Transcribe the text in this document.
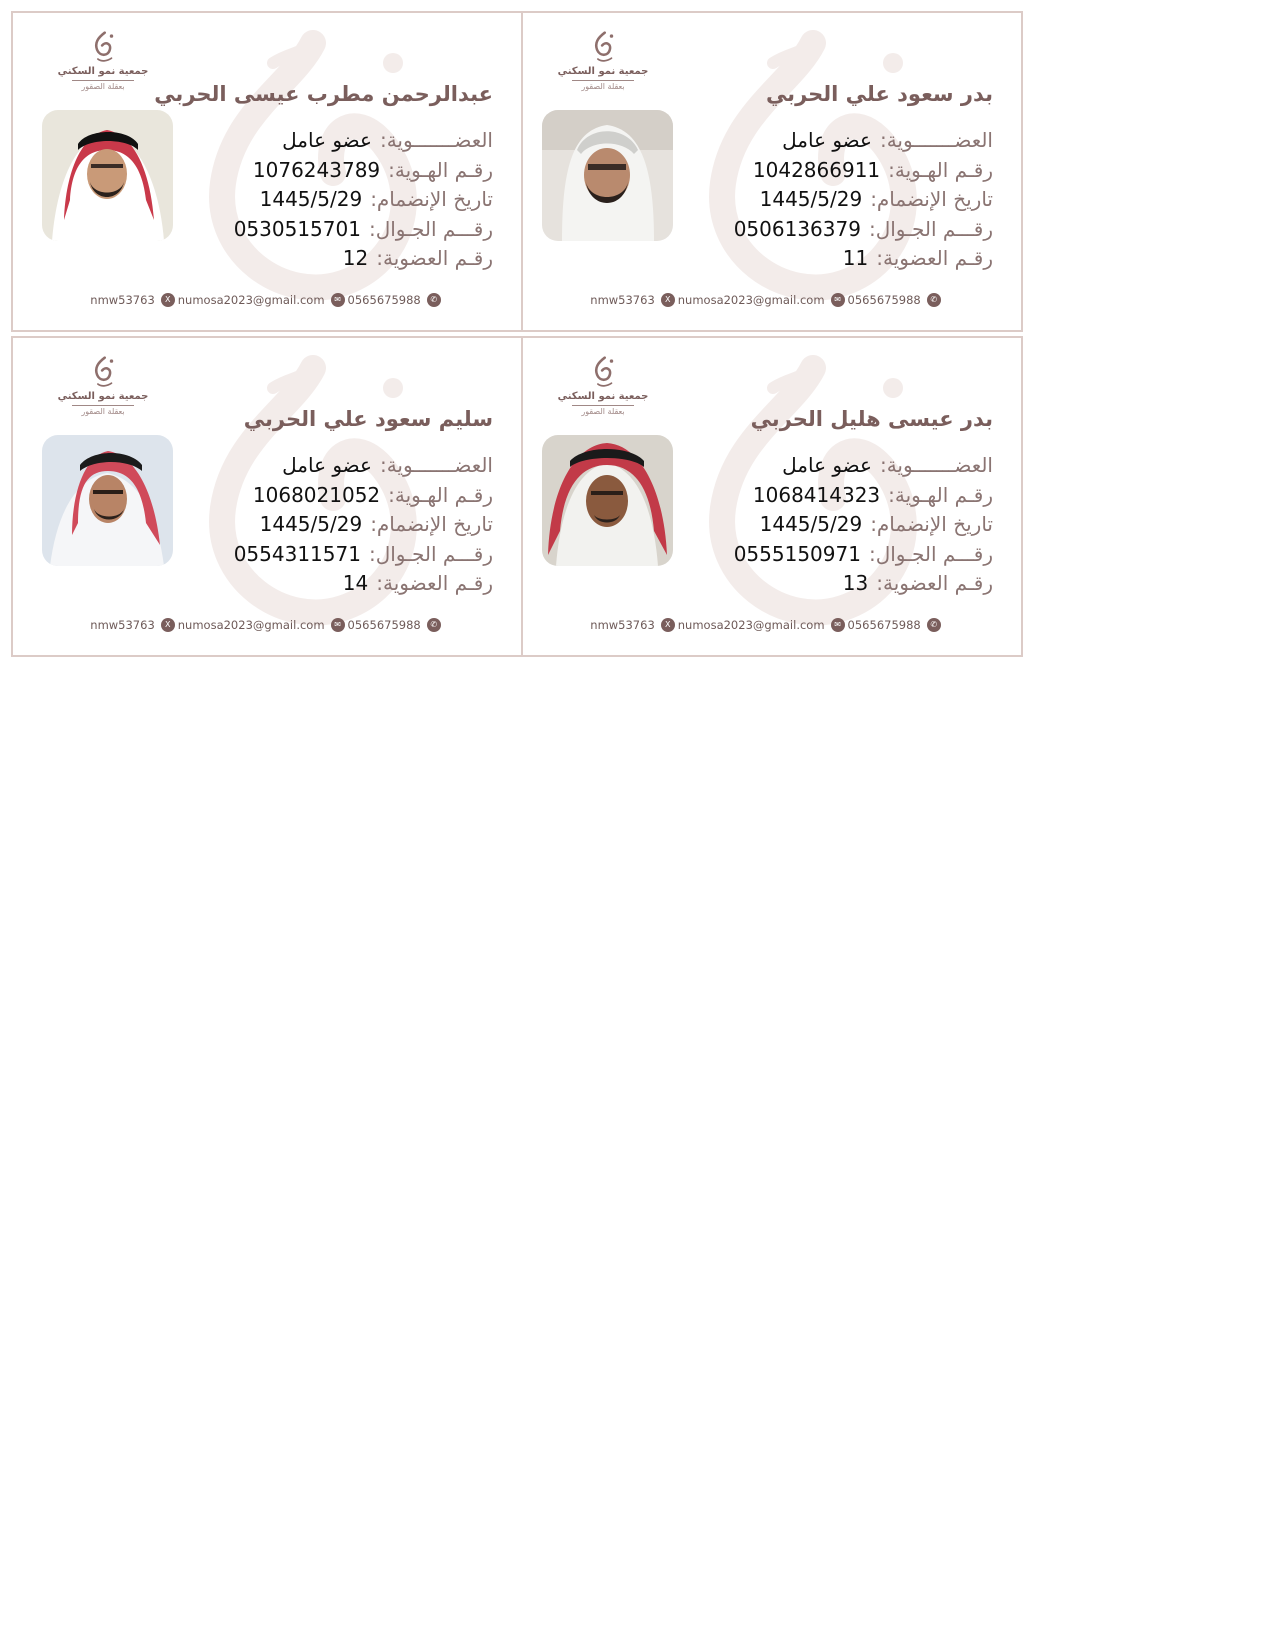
جمعية نمو السكني
بعقلة الصقور	بدر سعود علي الحربي
العضـــــــوية:عضو عامل
رقـم الهـوية:1042866911
تاريخ الإنضمام:1445/5/29
رقـــم الجـوال:0506136379
رقـم العضوية:11
nmw53763 X numosa2023@gmail.com ✉ 0565675988 ✆
جمعية نمو السكني
بعقلة الصقور	عبدالرحمن مطرب عيسى الحربي
العضـــــــوية:عضو عامل
رقـم الهـوية:1076243789
تاريخ الإنضمام:1445/5/29
رقـــم الجـوال:0530515701
رقـم العضوية:12
nmw53763 X numosa2023@gmail.com ✉ 0565675988 ✆
جمعية نمو السكني
بعقلة الصقور	بدر عيسى هليل الحربي
العضـــــــوية:عضو عامل
رقـم الهـوية:1068414323
تاريخ الإنضمام:1445/5/29
رقـــم الجـوال:0555150971
رقـم العضوية:13
nmw53763 X numosa2023@gmail.com ✉ 0565675988 ✆
جمعية نمو السكني
بعقلة الصقور	سليم سعود علي الحربي
العضـــــــوية:عضو عامل
رقـم الهـوية:1068021052
تاريخ الإنضمام:1445/5/29
رقـــم الجـوال:0554311571
رقـم العضوية:14
nmw53763 X numosa2023@gmail.com ✉ 0565675988 ✆
